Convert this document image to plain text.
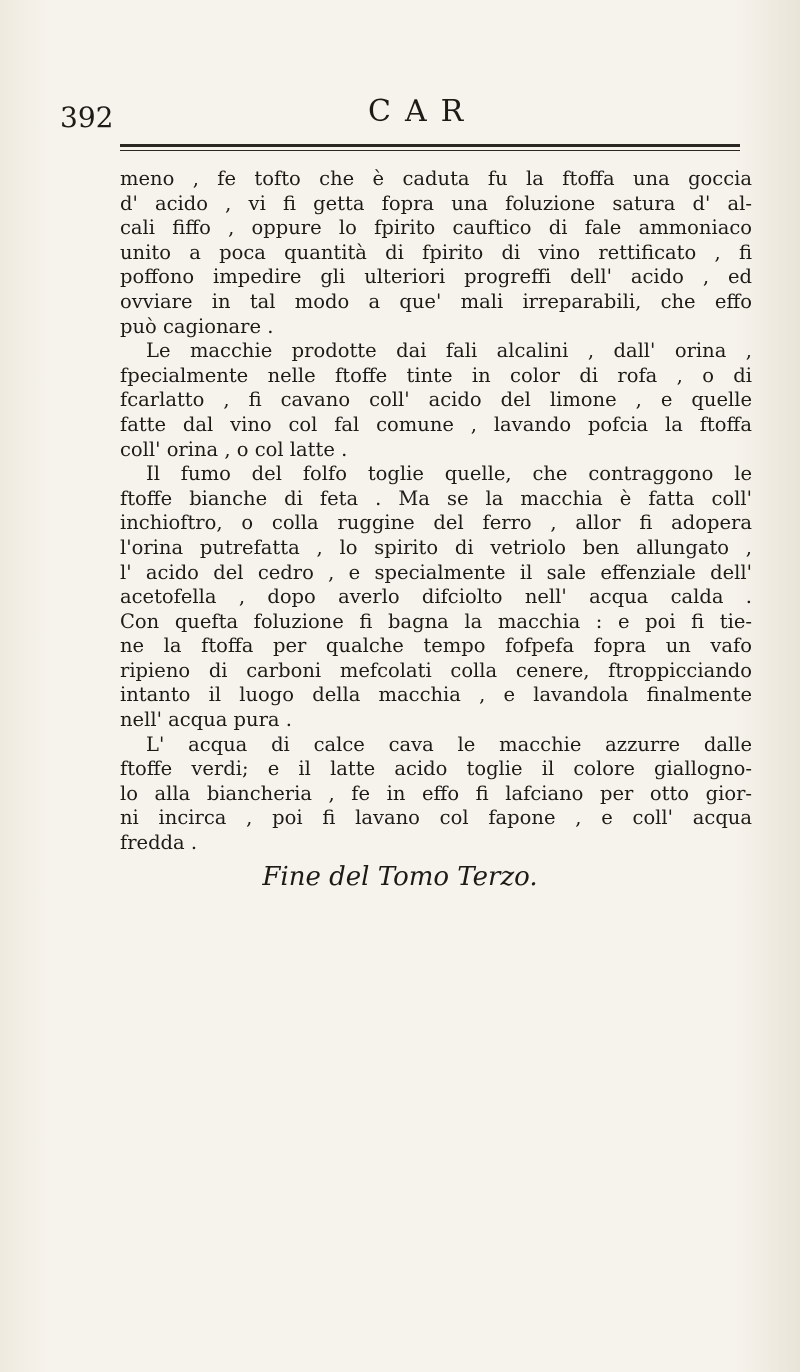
392	CAR
meno , fe tofto che è caduta fu la ftoffa una goccia
d' acido , vi fi getta fopra una foluzione satura d' al-
cali fiffo , oppure lo fpirito cauftico di fale ammoniaco
unito a poca quantità di fpirito di vino rettificato , fi
poffono impedire gli ulteriori progreffi dell' acido , ed
ovviare in tal modo a que' mali irreparabili, che effo
può cagionare .
Le macchie prodotte dai fali alcalini , dall' orina ,
fpecialmente nelle ftoffe tinte in color di rofa , o di
fcarlatto , fi cavano coll' acido del limone , e quelle
fatte dal vino col fal comune , lavando pofcia la ftoffa
coll' orina , o col latte .
Il fumo del folfo toglie quelle, che contraggono le
ftoffe bianche di feta . Ma se la macchia è fatta coll'
inchioftro, o colla ruggine del ferro , allor fi adopera
l'orina putrefatta , lo spirito di vetriolo ben allungato ,
l' acido del cedro , e specialmente il sale effenziale dell'
acetofella , dopo averlo difciolto nell' acqua calda .
Con quefta foluzione fi bagna la macchia : e poi fi tie-
ne la ftoffa per qualche tempo fofpefa fopra un vafo
ripieno di carboni mefcolati colla cenere, ftroppicciando
intanto il luogo della macchia , e lavandola finalmente
nell' acqua pura .
L' acqua di calce cava le macchie azzurre dalle
ftoffe verdi; e il latte acido toglie il colore giallogno-
lo alla biancheria , fe in effo fi lafciano per otto gior-
ni incirca , poi fi lavano col fapone , e coll' acqua
fredda .
Fine del Tomo Terzo.
